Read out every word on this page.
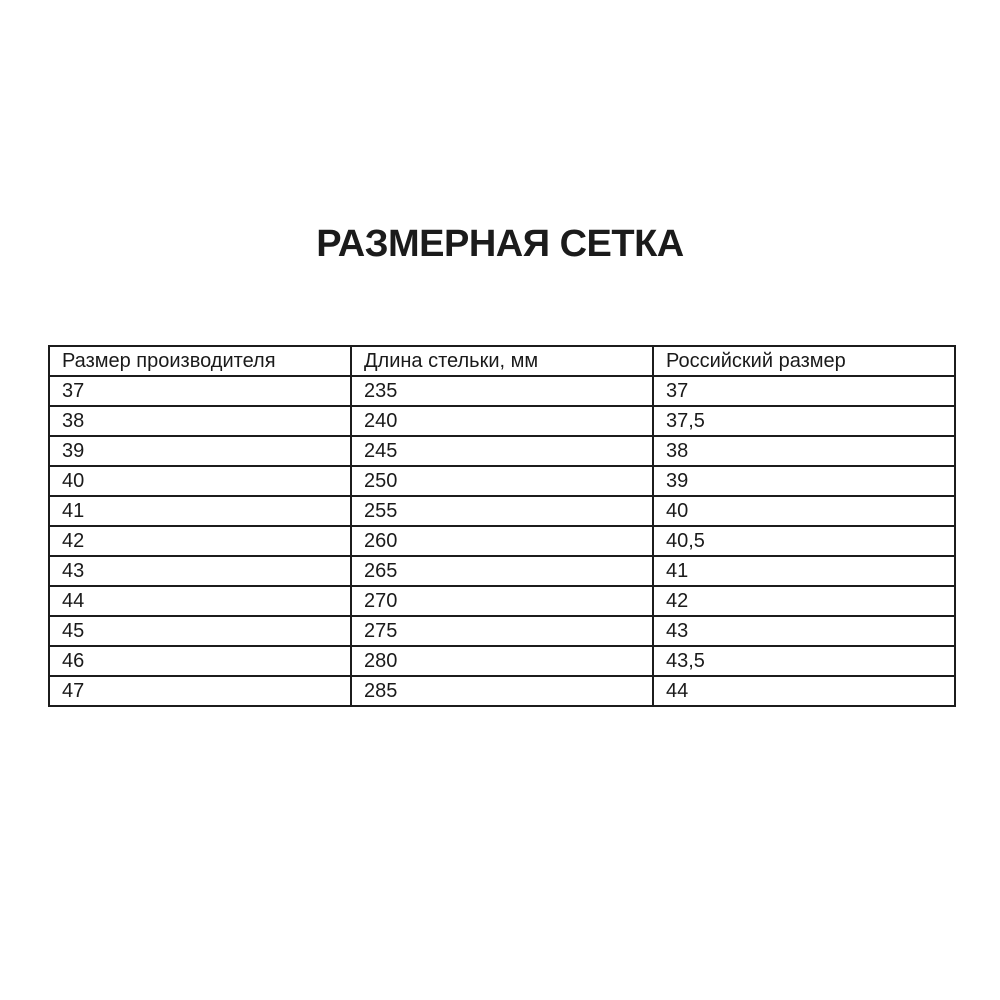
РАЗМЕРНАЯ СЕТКА
Размер производителя	Длина стельки, мм	Российский размер
37	235	37
38	240	37,5
39	245	38
40	250	39
41	255	40
42	260	40,5
43	265	41
44	270	42
45	275	43
46	280	43,5
47	285	44
